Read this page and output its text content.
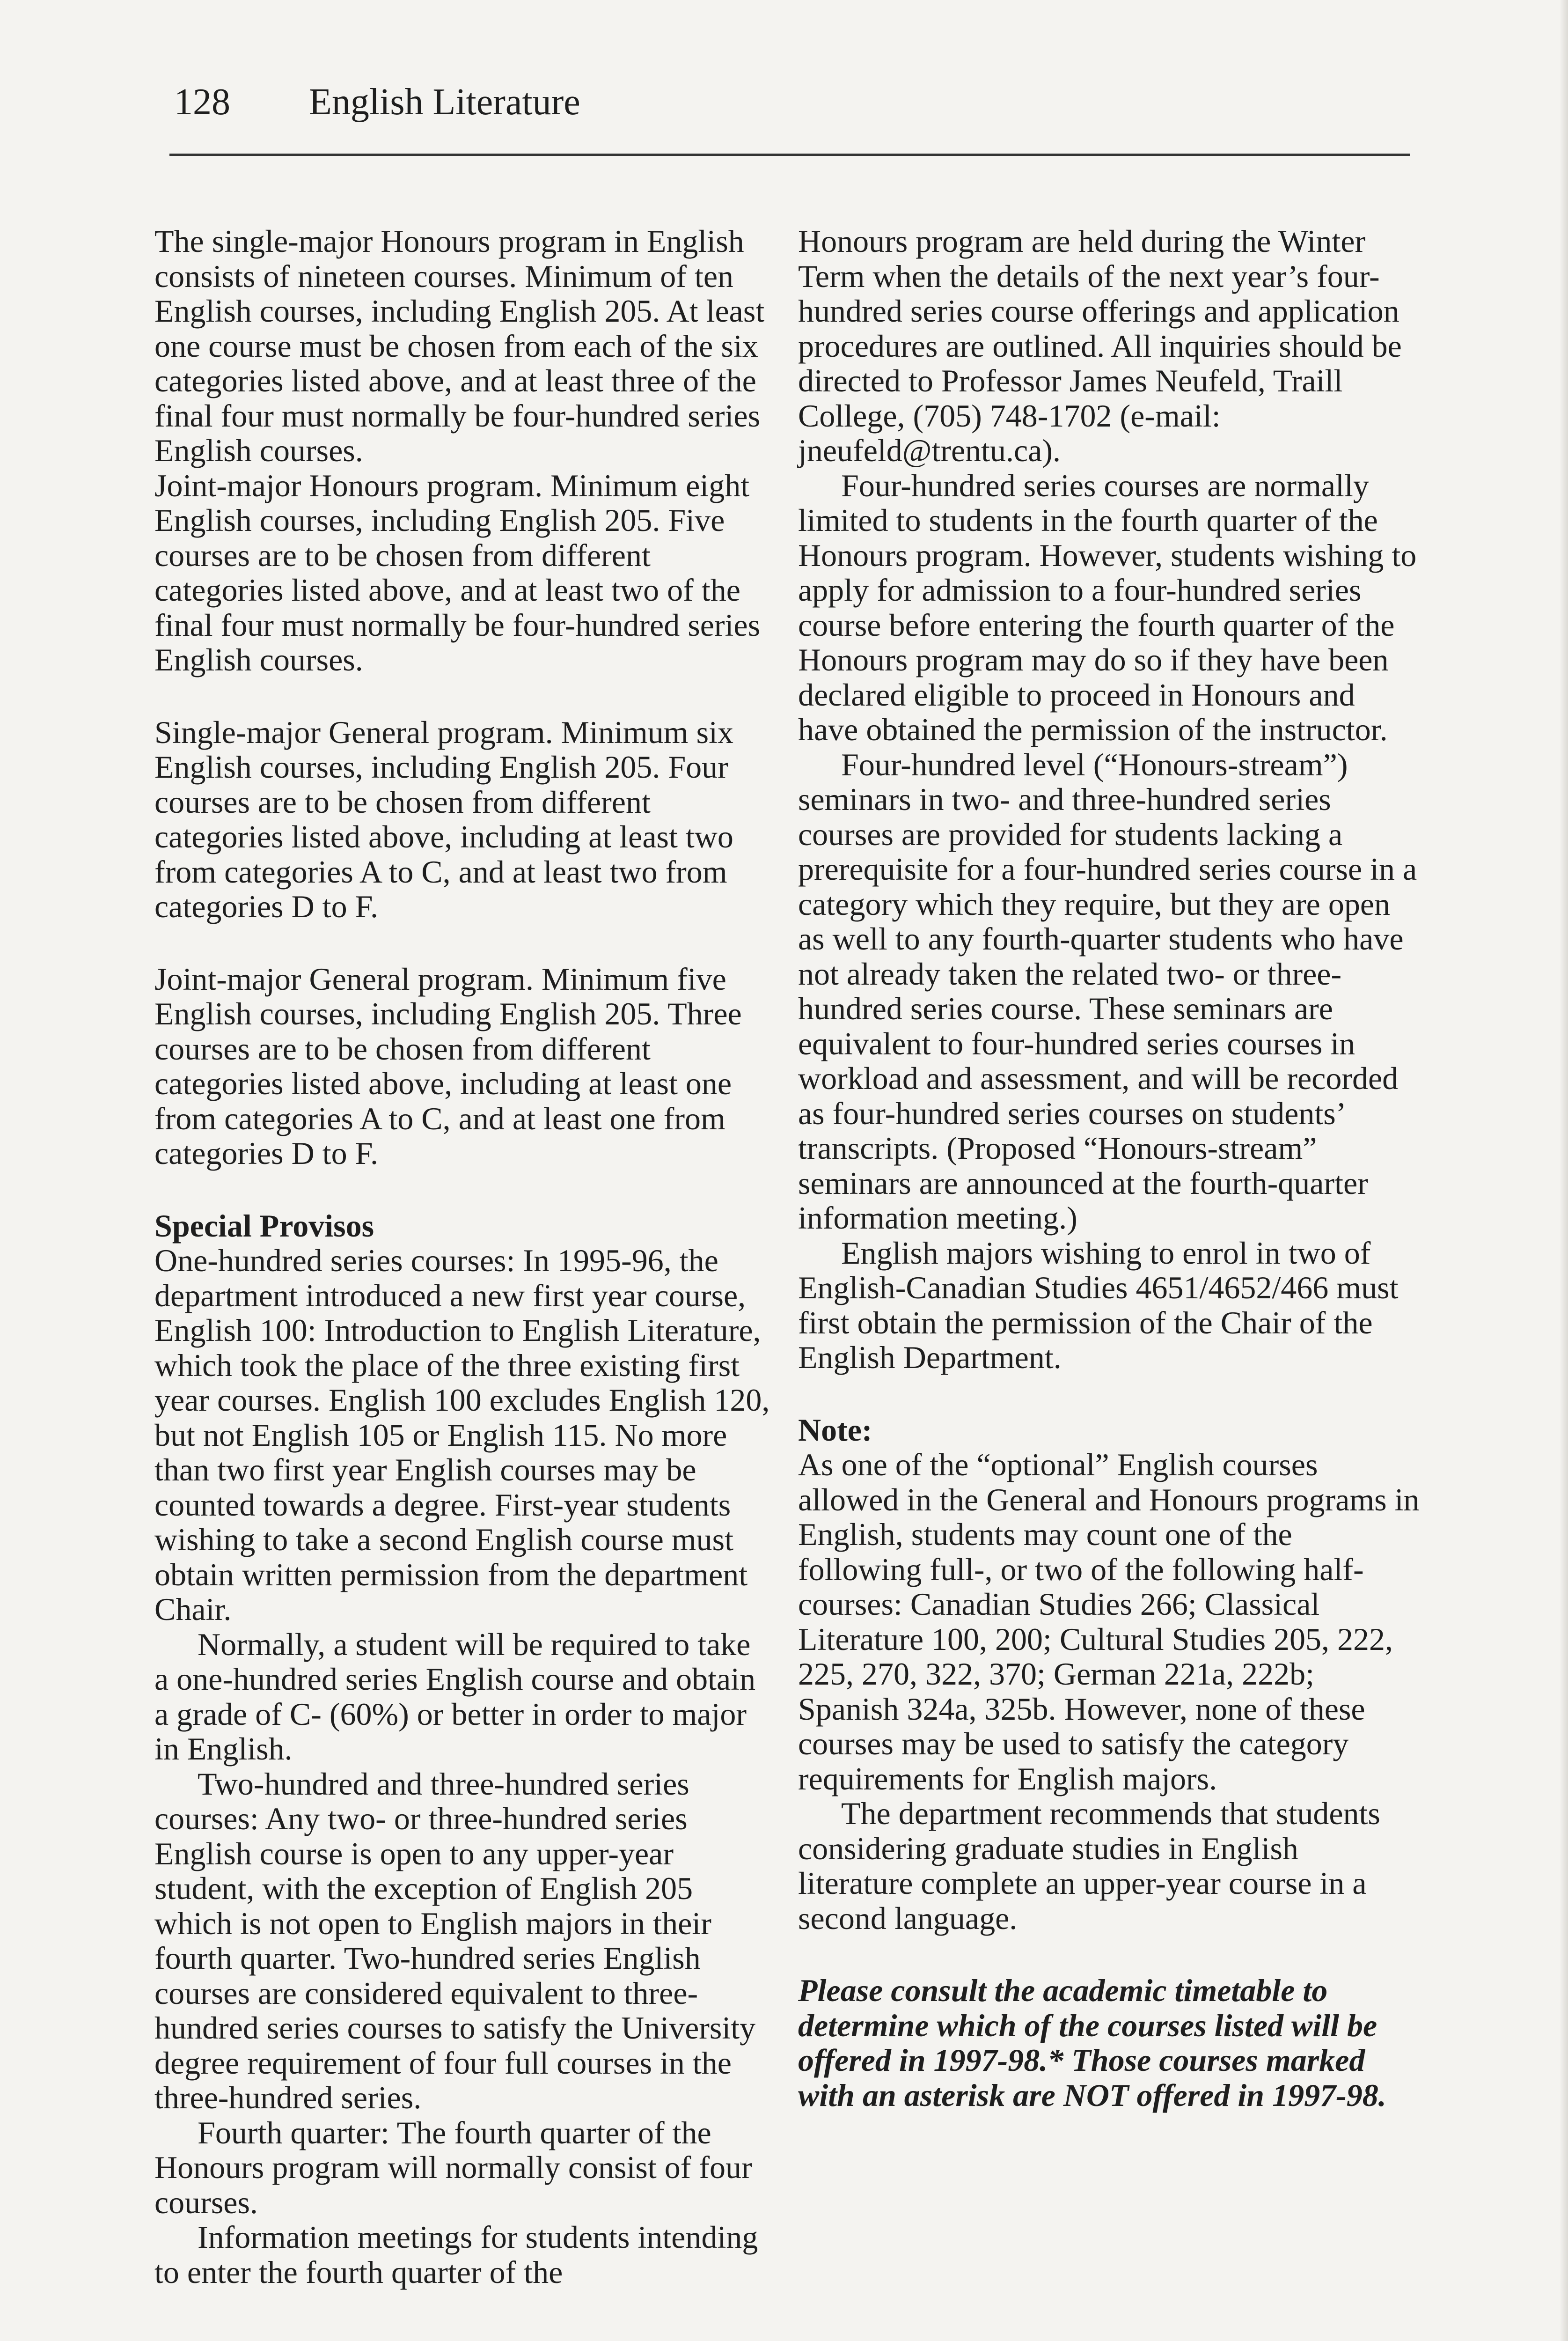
128 English Literature

The single-major Honours program in English consists of nineteen courses. Minimum of ten English courses, including English 205. At least one course must be chosen from each of the six categories listed above, and at least three of the final four must normally be four-hundred series English courses.

Joint-major Honours program. Minimum eight English courses, including English 205. Five courses are to be chosen from different categories listed above, and at least two of the final four must normally be four-hundred series English courses.

Single-major General program. Minimum six English courses, including English 205. Four courses are to be chosen from different categories listed above, including at least two from categories A to C, and at least two from categories D to F.

Joint-major General program. Minimum five English courses, including English 205. Three courses are to be chosen from different categories listed above, including at least one from categories A to C, and at least one from categories D to F.

Special Provisos

One-hundred series courses: In 1995-96, the department introduced a new first year course, English 100: Introduction to English Literature, which took the place of the three existing first year courses. English 100 excludes English 120, but not English 105 or English 115. No more than two first year English courses may be counted towards a degree. First-year students wishing to take a second English course must obtain written permission from the department Chair.

Normally, a student will be required to take a one-hundred series English course and obtain a grade of C- (60%) or better in order to major in English.

Two-hundred and three-hundred series courses: Any two- or three-hundred series English course is open to any upper-year student, with the exception of English 205 which is not open to English majors in their fourth quarter. Two-hundred series English courses are considered equivalent to three-hundred series courses to satisfy the University degree requirement of four full courses in the three-hundred series.

Fourth quarter: The fourth quarter of the Honours program will normally consist of four courses.

Information meetings for students intending to enter the fourth quarter of the

Honours program are held during the Winter Term when the details of the next year’s four-hundred series course offerings and application procedures are outlined. All inquiries should be directed to Professor James Neufeld, Traill College, (705) 748-1702 (e-mail: jneufeld@trentu.ca).

Four-hundred series courses are normally limited to students in the fourth quarter of the Honours program. However, students wishing to apply for admission to a four-hundred series course before entering the fourth quarter of the Honours program may do so if they have been declared eligible to proceed in Honours and have obtained the permission of the instructor.

Four-hundred level (“Honours-stream”) seminars in two- and three-hundred series courses are provided for students lacking a prerequisite for a four-hundred series course in a category which they require, but they are open as well to any fourth-quarter students who have not already taken the related two- or three-hundred series course. These seminars are equivalent to four-hundred series courses in workload and assessment, and will be recorded as four-hundred series courses on students’ transcripts. (Proposed “Honours-stream” seminars are announced at the fourth-quarter information meeting.)

English majors wishing to enrol in two of English-Canadian Studies 4651/4652/466 must first obtain the permission of the Chair of the English Department.

Note:

As one of the “optional” English courses allowed in the General and Honours programs in English, students may count one of the following full-, or two of the following half-courses: Canadian Studies 266; Classical Literature 100, 200; Cultural Studies 205, 222, 225, 270, 322, 370; German 221a, 222b; Spanish 324a, 325b. However, none of these courses may be used to satisfy the category requirements for English majors.

The department recommends that students considering graduate studies in English literature complete an upper-year course in a second language.

Please consult the academic timetable to determine which of the courses listed will be offered in 1997-98.* Those courses marked with an asterisk are NOT offered in 1997-98.
